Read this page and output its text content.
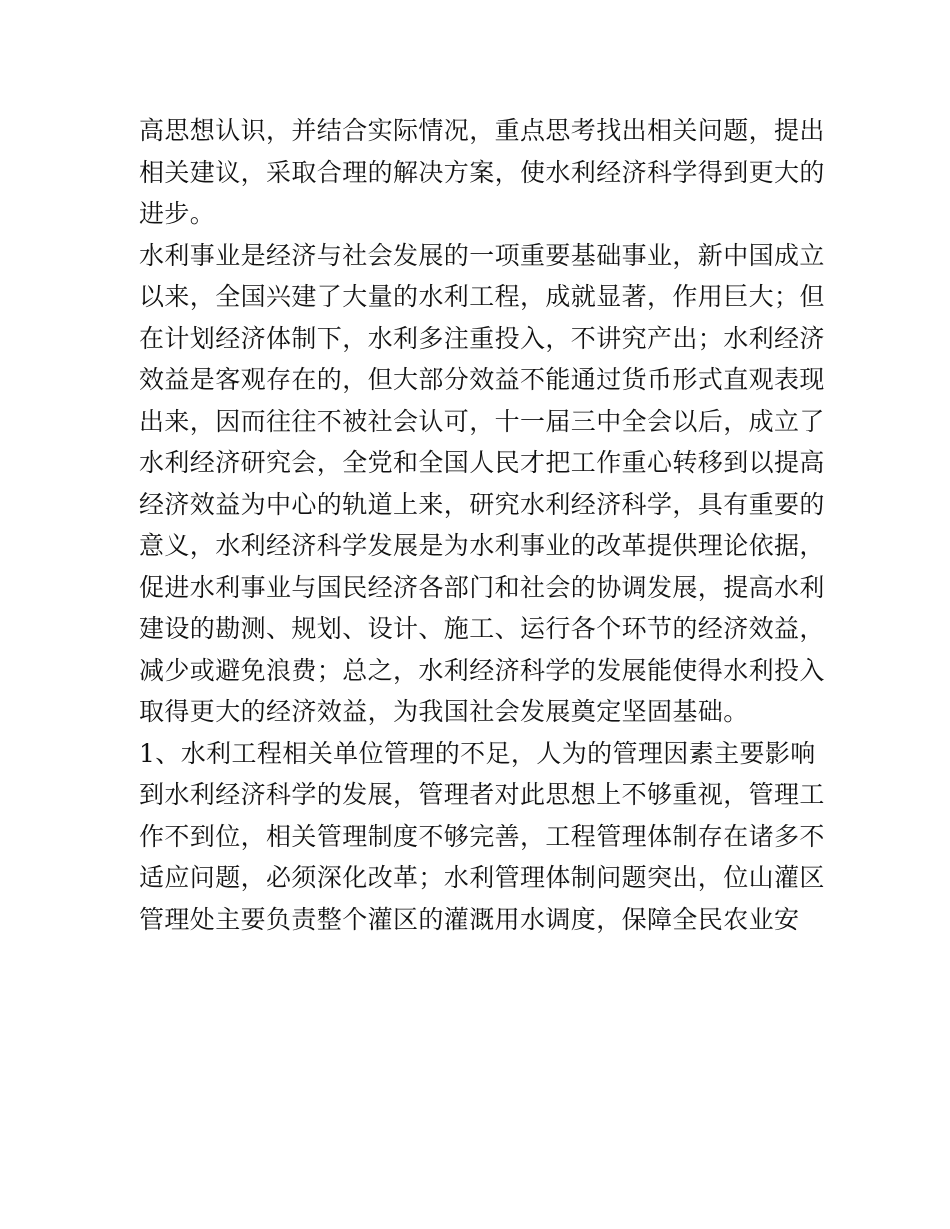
高思想认识，并结合实际情况，重点思考找出相关问题，提出
相关建议，采取合理的解决方案，使水利经济科学得到更大的
进步。
水利事业是经济与社会发展的一项重要基础事业，新中国成立
以来，全国兴建了大量的水利工程，成就显著，作用巨大；但
在计划经济体制下，水利多注重投入，不讲究产出；水利经济
效益是客观存在的，但大部分效益不能通过货币形式直观表现
出来，因而往往不被社会认可，十一届三中全会以后，成立了
水利经济研究会，全党和全国人民才把工作重心转移到以提高
经济效益为中心的轨道上来，研究水利经济科学，具有重要的
意义，水利经济科学发展是为水利事业的改革提供理论依据，
促进水利事业与国民经济各部门和社会的协调发展，提高水利
建设的勘测、规划、设计、施工、运行各个环节的经济效益，
减少或避免浪费；总之，水利经济科学的发展能使得水利投入
取得更大的经济效益，为我国社会发展奠定坚固基础。
1、水利工程相关单位管理的不足，人为的管理因素主要影响
到水利经济科学的发展，管理者对此思想上不够重视，管理工
作不到位，相关管理制度不够完善，工程管理体制存在诸多不
适应问题，必须深化改革；水利管理体制问题突出，位山灌区
管理处主要负责整个灌区的灌溉用水调度，保障全民农业安
